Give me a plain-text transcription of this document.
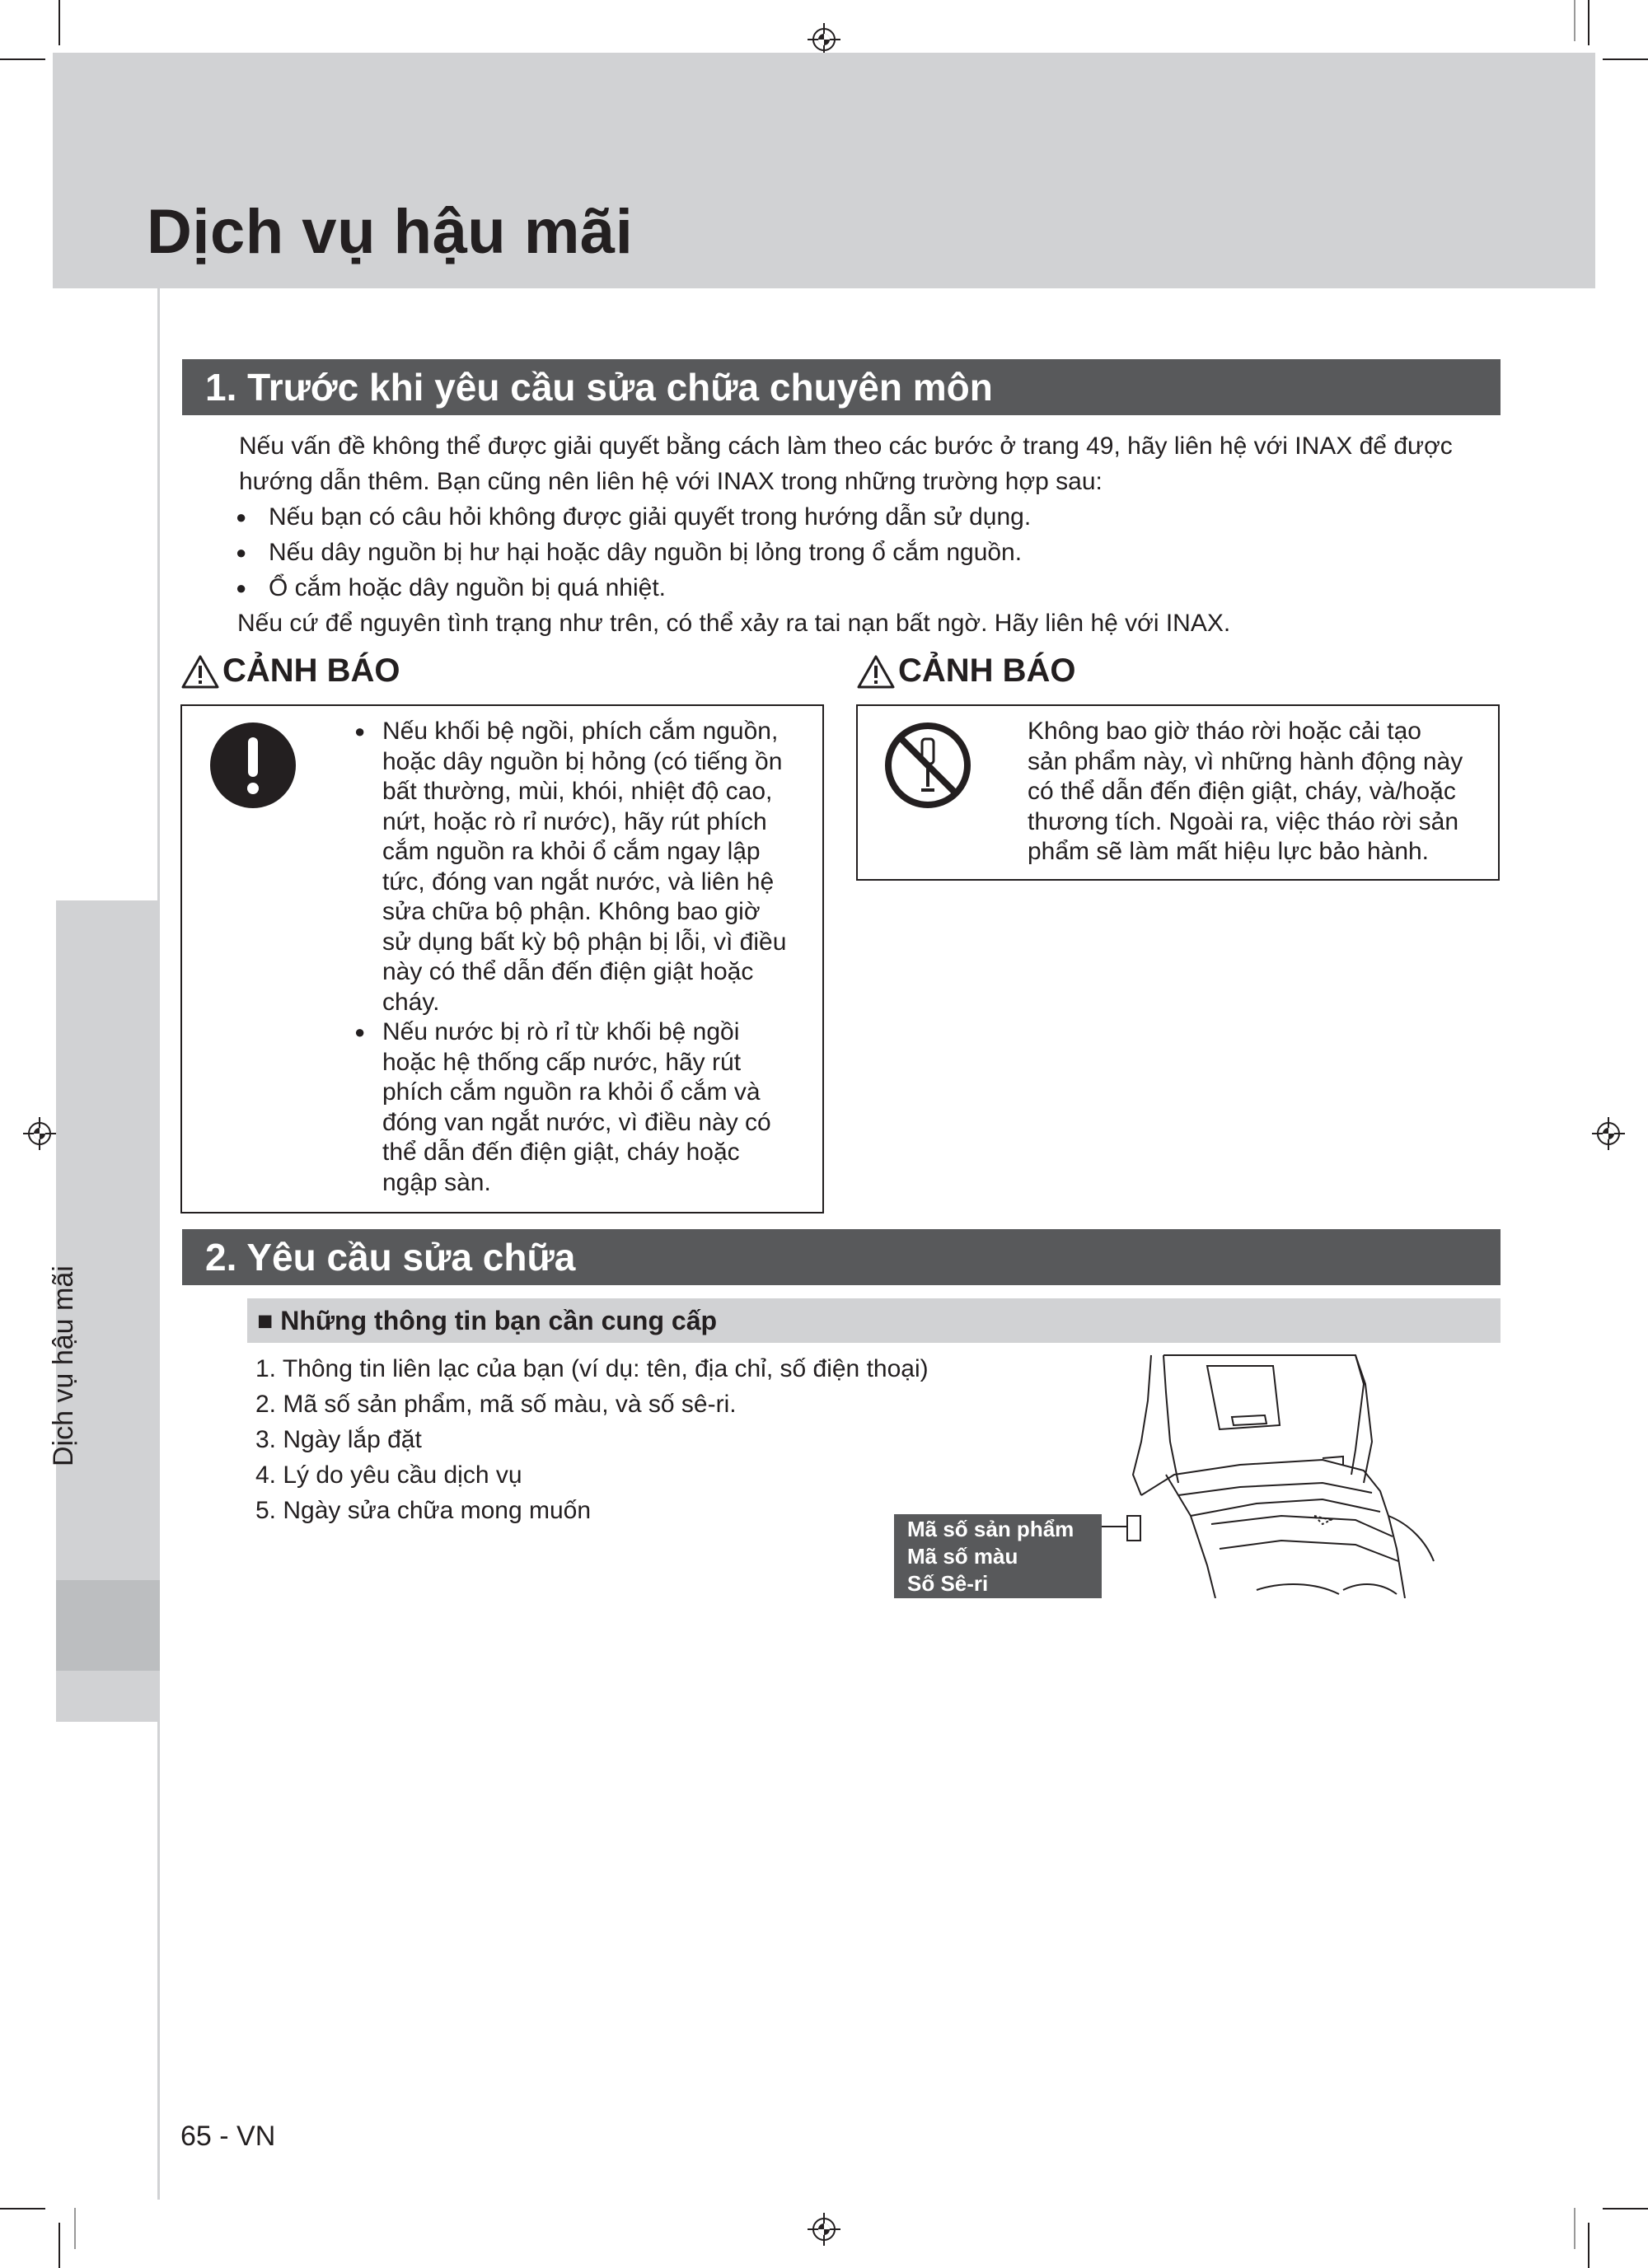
Dịch vụ hậu mãi
Dịch vụ hậu mãi
1. Trước khi yêu cầu sửa chữa chuyên môn

Nếu vấn đề không thể được giải quyết bằng cách làm theo các bước ở trang 49, hãy liên hệ với INAX để được

hướng dẫn thêm. Bạn cũng nên liên hệ với INAX trong những trường hợp sau:

● Nếu bạn có câu hỏi không được giải quyết trong hướng dẫn sử dụng.

● Nếu dây nguồn bị hư hại hoặc dây nguồn bị lỏng trong ổ cắm nguồn.

● Ổ cắm hoặc dây nguồn bị quá nhiệt.

Nếu cứ để nguyên tình trạng như trên, có thể xảy ra tai nạn bất ngờ. Hãy liên hệ với INAX.

CẢNH BÁO
● Nếu khối bệ ngồi, phích cắm nguồn,
hoặc dây nguồn bị hỏng (có tiếng ồn
bất thường, mùi, khói, nhiệt độ cao,
nứt, hoặc rò rỉ nước), hãy rút phích
cắm nguồn ra khỏi ổ cắm ngay lập
tức, đóng van ngắt nước, và liên hệ
sửa chữa bộ phận. Không bao giờ
sử dụng bất kỳ bộ phận bị lỗi, vì điều
này có thể dẫn đến điện giật hoặc
cháy.
● Nếu nước bị rò rỉ từ khối bệ ngồi
hoặc hệ thống cấp nước, hãy rút
phích cắm nguồn ra khỏi ổ cắm và
đóng van ngắt nước, vì điều này có
thể dẫn đến điện giật, cháy hoặc
ngập sàn.
CẢNH BÁO
Không bao giờ tháo rời hoặc cải tạo
sản phẩm này, vì những hành động này
có thể dẫn đến điện giật, cháy, và/hoặc
thương tích. Ngoài ra, việc tháo rời sản
phẩm sẽ làm mất hiệu lực bảo hành.
2. Yêu cầu sửa chữa
■ Những thông tin bạn cần cung cấp
1. Thông tin liên lạc của bạn (ví dụ: tên, địa chỉ, số điện thoại)
2. Mã số sản phẩm, mã số màu, và số sê-ri.
3. Ngày lắp đặt
4. Lý do yêu cầu dịch vụ
5. Ngày sửa chữa mong muốn
Mã số sản phẩm
Mã số màu
Số Sê-ri
65 - VN
